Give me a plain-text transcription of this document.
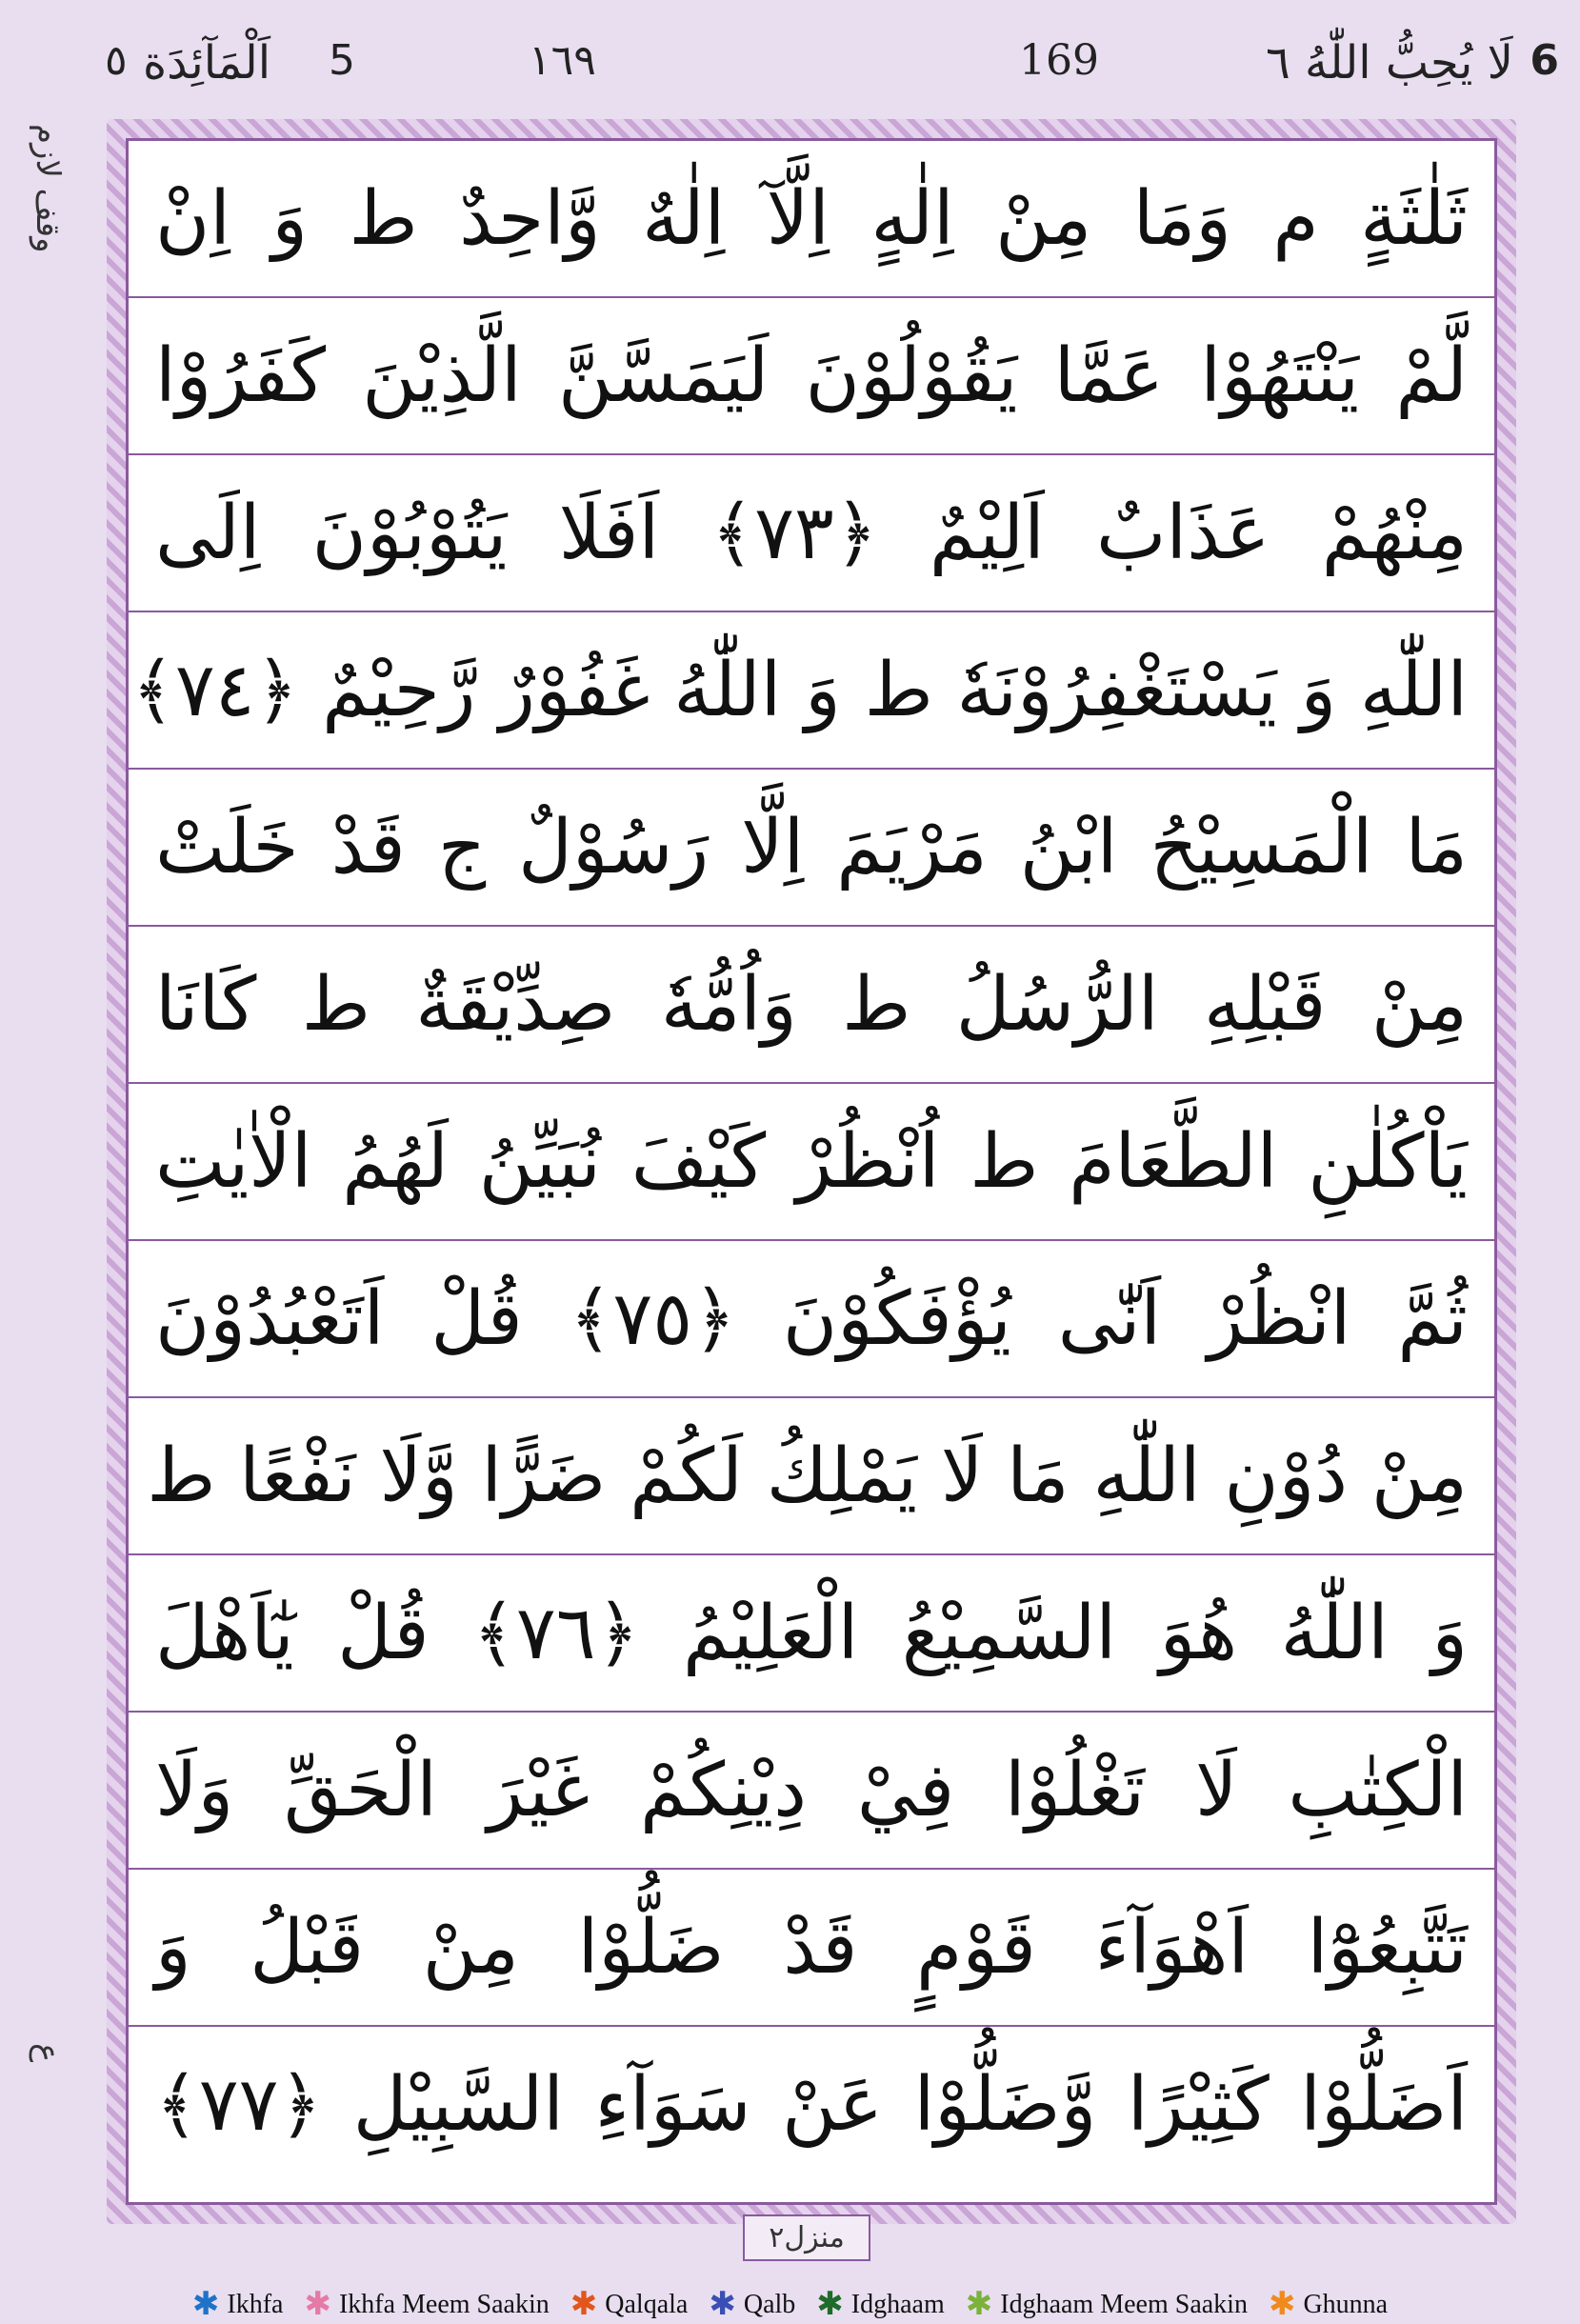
6
لَا يُحِبُّ اللّٰهُ ٦
169
١٦٩
5
اَلْمَآئِدَة
٥
وقف لازم
ع
ثَلٰثَةٍ م وَمَا مِنْ اِلٰهٍ اِلَّآ اِلٰهٌ وَّاحِدٌ ط وَ اِنْ
لَّمْ يَنْتَهُوْا عَمَّا يَقُوْلُوْنَ لَيَمَسَّنَّ الَّذِيْنَ كَفَرُوْا
مِنْهُمْ عَذَابٌ اَلِيْمٌ ﴿٧٣﴾ اَفَلَا يَتُوْبُوْنَ اِلَى
اللّٰهِ وَ يَسْتَغْفِرُوْنَهٗ ط وَ اللّٰهُ غَفُوْرٌ رَّحِيْمٌ ﴿٧٤﴾
مَا الْمَسِيْحُ ابْنُ مَرْيَمَ اِلَّا رَسُوْلٌ ج قَدْ خَلَتْ
مِنْ قَبْلِهِ الرُّسُلُ ط وَاُمُّهٗ صِدِّيْقَةٌ ط كَانَا
يَاْكُلٰنِ الطَّعَامَ ط اُنْظُرْ كَيْفَ نُبَيِّنُ لَهُمُ الْاٰيٰتِ
ثُمَّ انْظُرْ اَنّٰى يُؤْفَكُوْنَ ﴿٧٥﴾ قُلْ اَتَعْبُدُوْنَ
مِنْ دُوْنِ اللّٰهِ مَا لَا يَمْلِكُ لَكُمْ ضَرًّا وَّلَا نَفْعًا ط
وَ اللّٰهُ هُوَ السَّمِيْعُ الْعَلِيْمُ ﴿٧٦﴾ قُلْ يٰٓاَهْلَ
الْكِتٰبِ لَا تَغْلُوْا فِيْ دِيْنِكُمْ غَيْرَ الْحَقِّ وَلَا
تَتَّبِعُوْٓا اَهْوَآءَ قَوْمٍ قَدْ ضَلُّوْا مِنْ قَبْلُ وَ
اَضَلُّوْا كَثِيْرًا وَّضَلُّوْا عَنْ سَوَآءِ السَّبِيْلِ ﴿٧٧﴾
منزل٢
✱ Ikhfa ✱ Ikhfa Meem Saakin ✱ Qalqala ✱ Qalb ✱ Idghaam ✱ Idghaam Meem Saakin ✱ Ghunna
